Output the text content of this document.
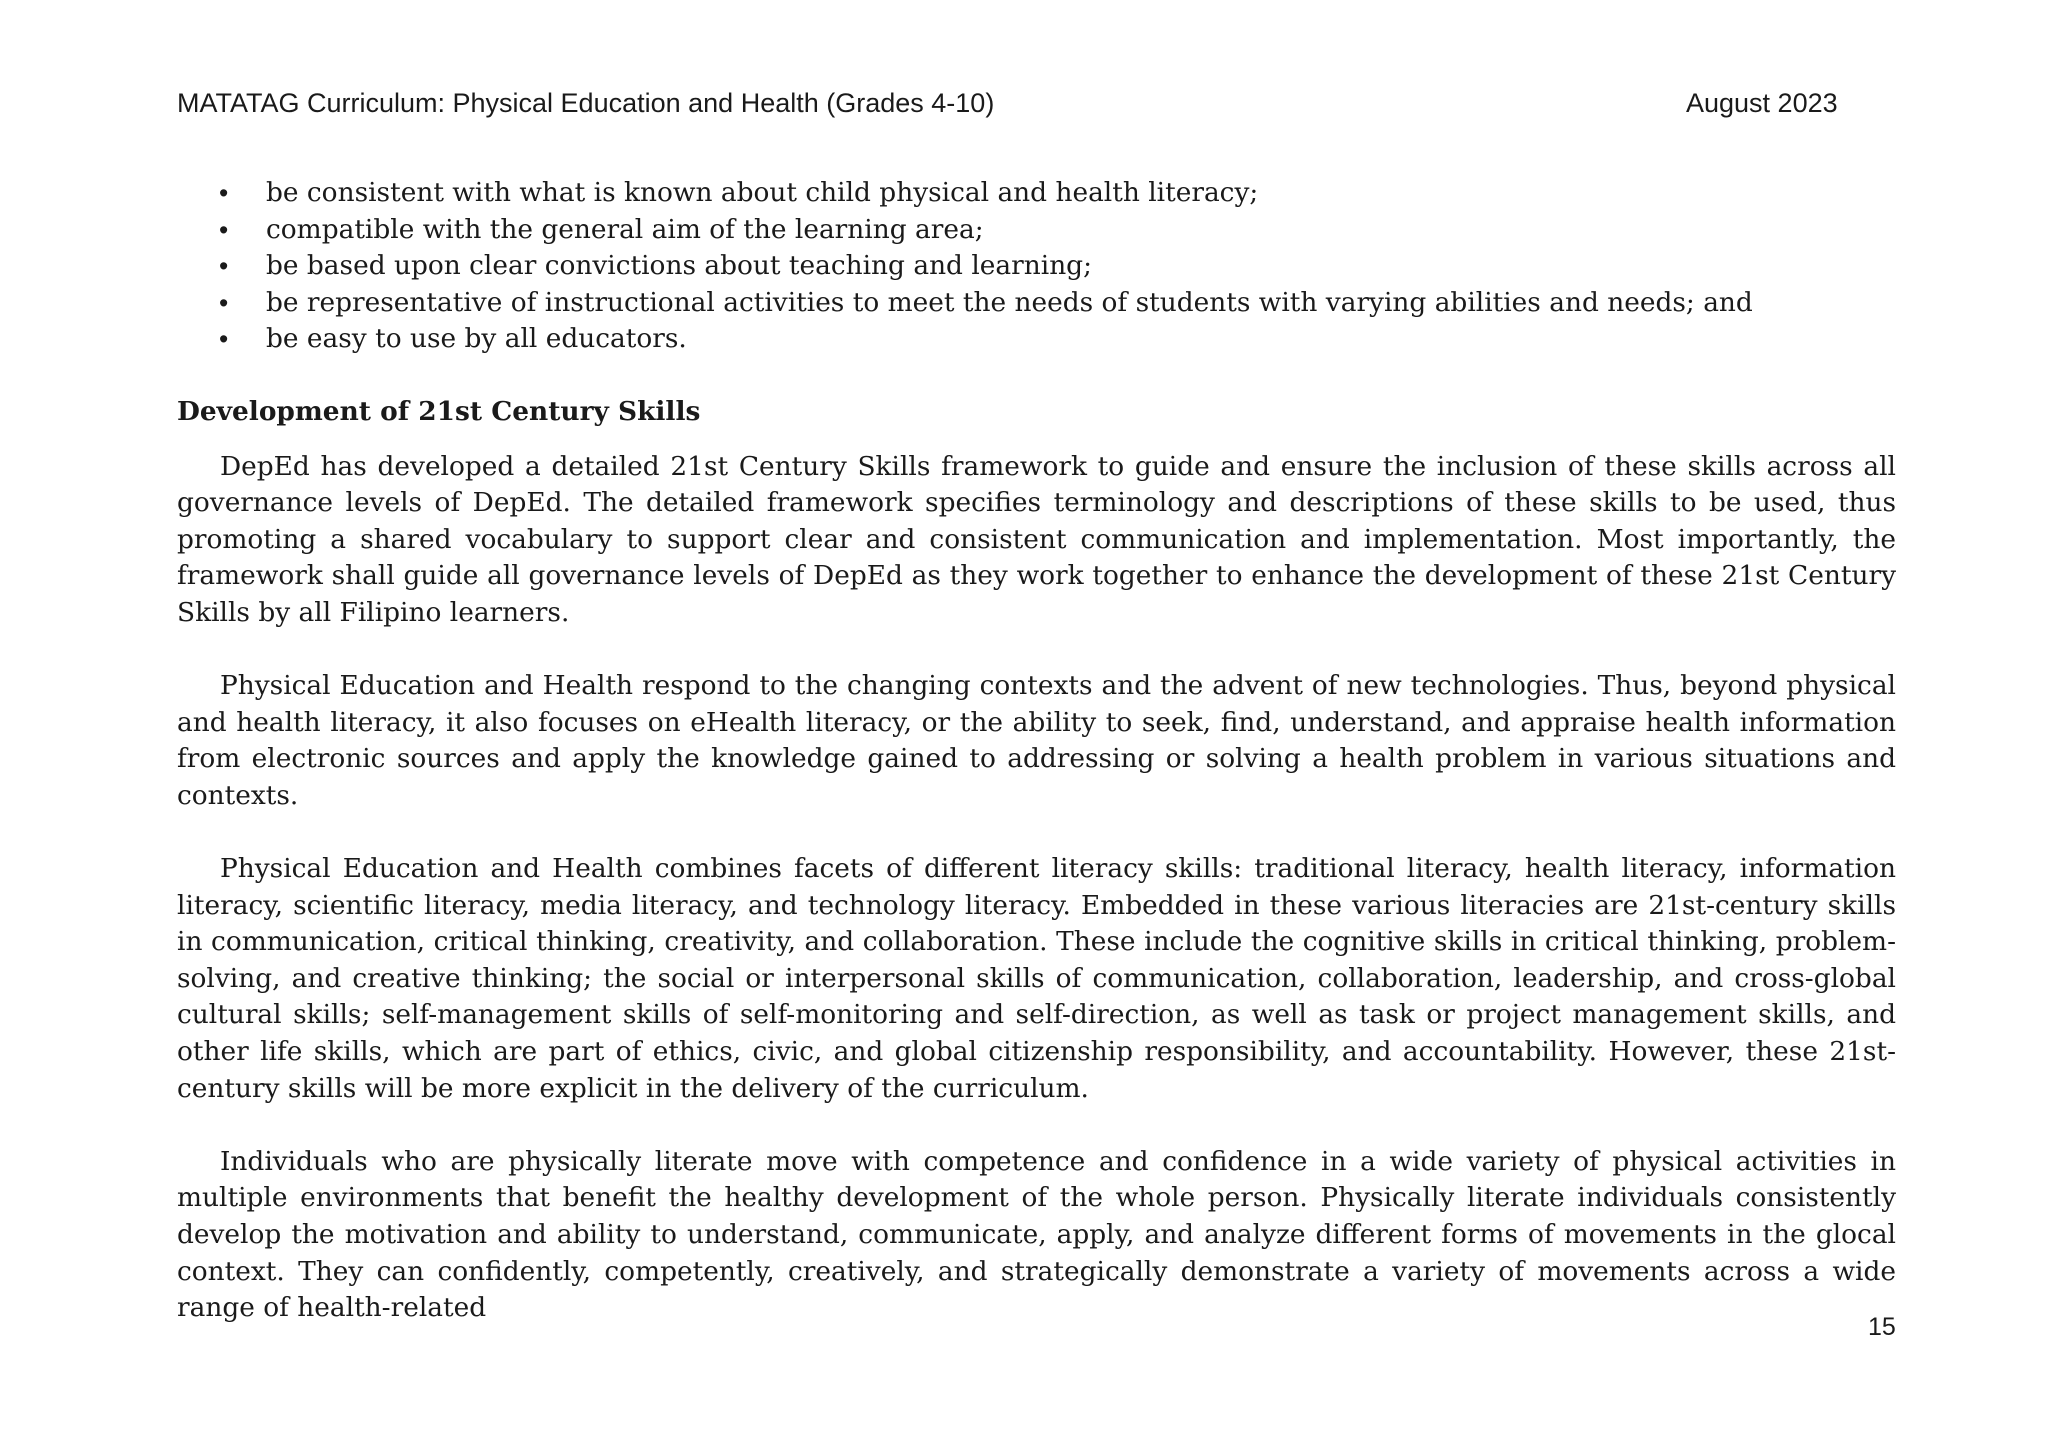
MATATAG Curriculum: Physical Education and Health (Grades 4-10)	August 2023
• be consistent with what is known about child physical and health literacy;
• compatible with the general aim of the learning area;
• be based upon clear convictions about teaching and learning;
• be representative of instructional activities to meet the needs of students with varying abilities and needs; and
• be easy to use by all educators.
Development of 21st Century Skills

DepEd has developed a detailed 21st Century Skills framework to guide and ensure the inclusion of these skills across all governance levels of DepEd. The detailed framework specifies terminology and descriptions of these skills to be used, thus promoting a shared vocabulary to support clear and consistent communication and implementation. Most importantly, the framework shall guide all governance levels of DepEd as they work together to enhance the development of these 21st Century Skills by all Filipino learners.

Physical Education and Health respond to the changing contexts and the advent of new technologies. Thus, beyond physical and health literacy, it also focuses on eHealth literacy, or the ability to seek, find, understand, and appraise health information from electronic sources and apply the knowledge gained to addressing or solving a health problem in various situations and contexts.

Physical Education and Health combines facets of different literacy skills: traditional literacy, health literacy, information literacy, scientific literacy, media literacy, and technology literacy. Embedded in these various literacies are 21st-century skills in communication, critical thinking, creativity, and collaboration. These include the cognitive skills in critical thinking, problem-solving, and creative thinking; the social or interpersonal skills of communication, collaboration, leadership, and cross-global cultural skills; self-management skills of self-monitoring and self-direction, as well as task or project management skills, and other life skills, which are part of ethics, civic, and global citizenship responsibility, and accountability. However, these 21st-century skills will be more explicit in the delivery of the curriculum.

Individuals who are physically literate move with competence and confidence in a wide variety of physical activities in multiple environments that benefit the healthy development of the whole person. Physically literate individuals consistently develop the motivation and ability to understand, communicate, apply, and analyze different forms of movements in the glocal context. They can confidently, competently, creatively, and strategically demonstrate a variety of movements across a wide range of health-related

15
